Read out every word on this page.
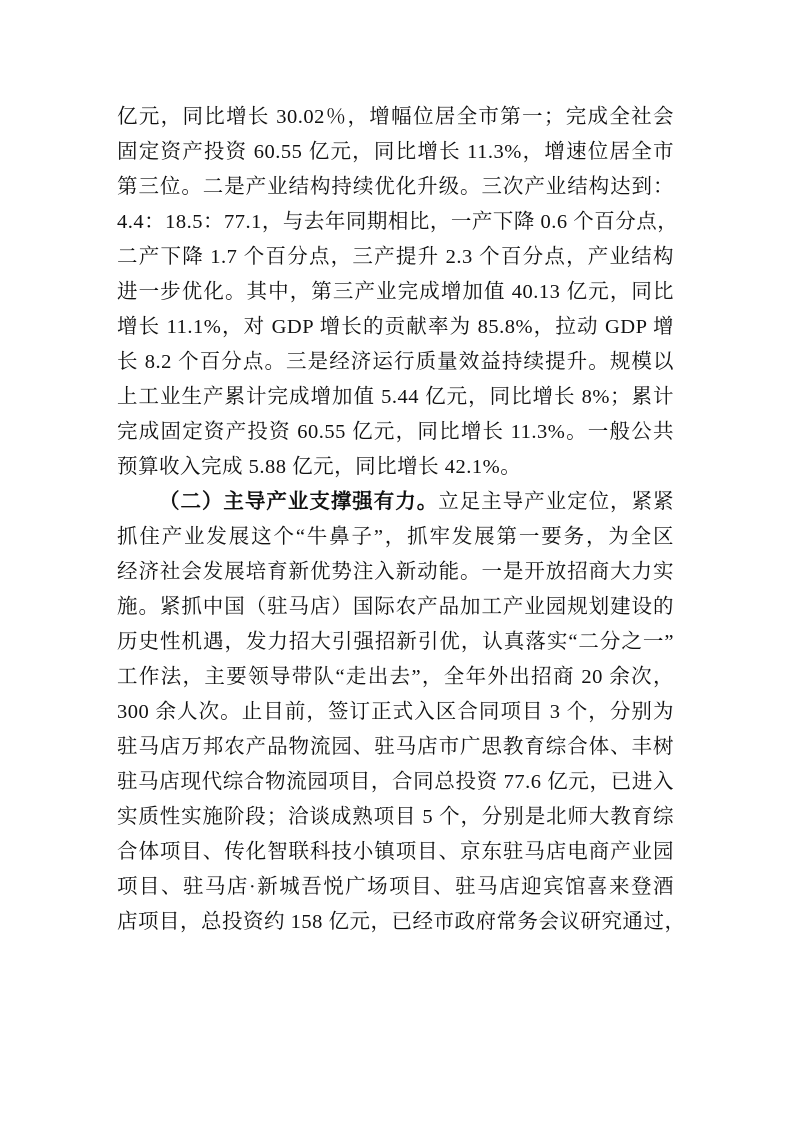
亿元，同比增长 30.02％，增幅位居全市第一；完成全社会
固定资产投资 60.55 亿元，同比增长 11.3%，增速位居全市
第三位。二是产业结构持续优化升级。三次产业结构达到：
4.4：18.5：77.1，与去年同期相比，一产下降 0.6 个百分点，
二产下降 1.7 个百分点，三产提升 2.3 个百分点，产业结构
进一步优化。其中，第三产业完成增加值 40.13 亿元，同比
增长 11.1%，对 GDP 增长的贡献率为 85.8%，拉动 GDP 增
长 8.2 个百分点。三是经济运行质量效益持续提升。规模以
上工业生产累计完成增加值 5.44 亿元，同比增长 8%；累计
完成固定资产投资 60.55 亿元，同比增长 11.3%。一般公共
预算收入完成 5.88 亿元，同比增长 42.1%。
（二）主导产业支撑强有力。立足主导产业定位，紧紧
抓住产业发展这个“牛鼻子”，抓牢发展第一要务，为全区
经济社会发展培育新优势注入新动能。一是开放招商大力实
施。紧抓中国（驻马店）国际农产品加工产业园规划建设的
历史性机遇，发力招大引强招新引优，认真落实“二分之一”
工作法，主要领导带队“走出去”，全年外出招商 20 余次，
300 余人次。止目前，签订正式入区合同项目 3 个，分别为
驻马店万邦农产品物流园、驻马店市广思教育综合体、丰树
驻马店现代综合物流园项目，合同总投资 77.6 亿元，已进入
实质性实施阶段；洽谈成熟项目 5 个，分别是北师大教育综
合体项目、传化智联科技小镇项目、京东驻马店电商产业园
项目、驻马店·新城吾悦广场项目、驻马店迎宾馆喜来登酒
店项目，总投资约 158 亿元，已经市政府常务会议研究通过，
